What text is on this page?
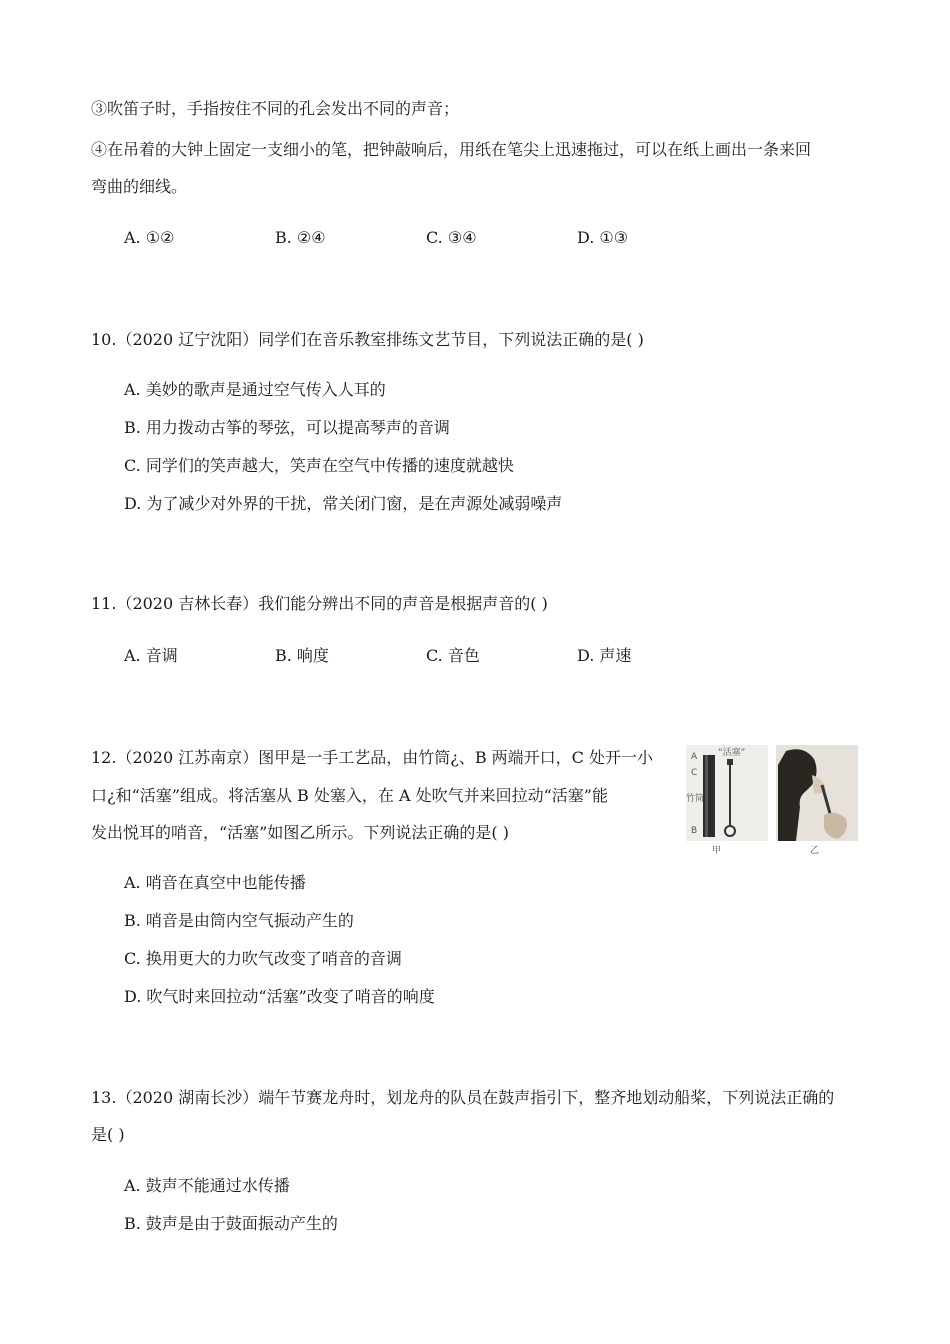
③吹笛子时，手指按住不同的孔会发出不同的声音；
④在吊着的大钟上固定一支细小的笔，把钟敲响后，用纸在笔尖上迅速拖过，可以在纸上画出一条来回
弯曲的细线。
A. ①②	B. ②④	C. ③④	D. ①③
10.（2020 辽宁沈阳）同学们在音乐教室排练文艺节目，下列说法正确的是( )
A. 美妙的歌声是通过空气传入人耳的
B. 用力拨动古筝的琴弦，可以提高琴声的音调
C. 同学们的笑声越大，笑声在空气中传播的速度就越快
D. 为了减少对外界的干扰，常关闭门窗，是在声源处减弱噪声
11.（2020 吉林长春）我们能分辨出不同的声音是根据声音的( )
A. 音调	B. 响度	C. 音色	D. 声速
12.（2020 江苏南京）图甲是一手工艺品，由竹筒¿、B 两端开口，C 处开一小
口¿和“活塞”组成。将活塞从 B 处塞入，在 A 处吹气并来回拉动“活塞”能
发出悦耳的哨音，“活塞”如图乙所示。下列说法正确的是( )
A
C
竹筒
B
“活塞”
甲	乙
A. 哨音在真空中也能传播
B. 哨音是由筒内空气振动产生的
C. 换用更大的力吹气改变了哨音的音调
D. 吹气时来回拉动“活塞”改变了哨音的响度
13.（2020 湖南长沙）端午节赛龙舟时，划龙舟的队员在鼓声指引下，整齐地划动船桨，下列说法正确的
是( )
A. 鼓声不能通过水传播
B. 鼓声是由于鼓面振动产生的
